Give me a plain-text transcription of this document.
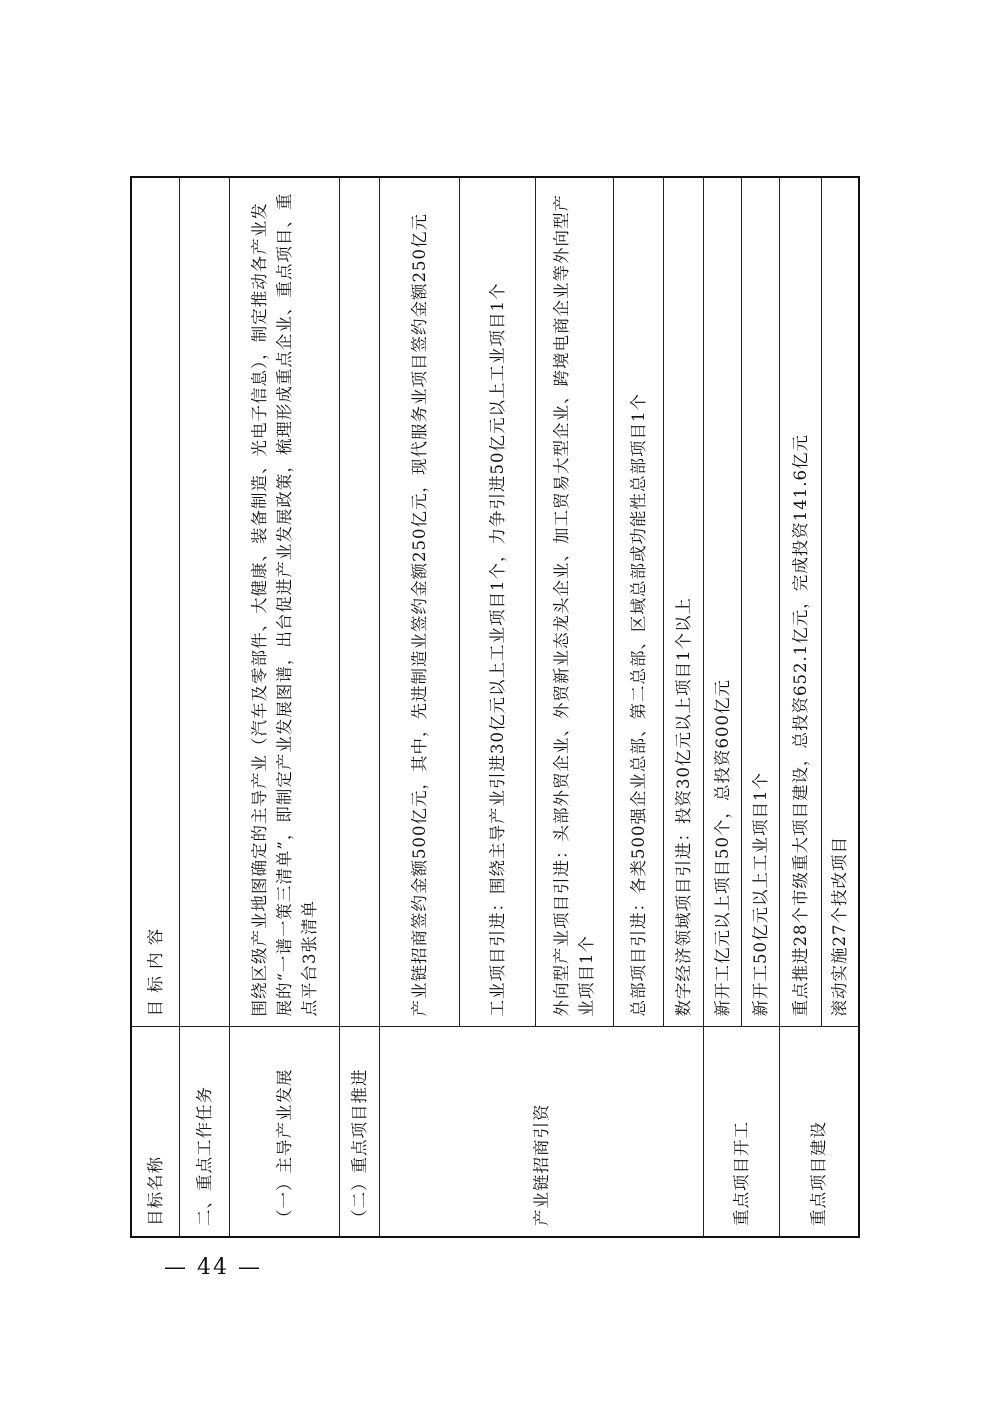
目标名称	目 标 内 容
二、重点工作任务	
（一）主导产业发展	围绕区级产业地图确定的主导产业（汽车及零部件、大健康、装备制造、光电子信息），制定推动各产业发展的“一谱一策三清单”，即制定产业发展图谱，出台促进产业发展政策，梳理形成重点企业、重点项目、重点平台3张清单
（二）重点项目推进	
产业链招商引资	产业链招商签约金额500亿元，其中，先进制造业签约金额250亿元，现代服务业项目签约金额250亿元
	工业项目引进：围绕主导产业引进30亿元以上工业项目1个，力争引进50亿元以上工业项目1个
	外向型产业项目引进：头部外贸企业、外贸新业态龙头企业、加工贸易大型企业、跨境电商企业等外向型产业项目1个
	总部项目引进：各类500强企业总部、第二总部、区域总部或功能性总部项目1个
	数字经济领域项目引进：投资30亿元以上项目1个以上
重点项目开工	新开工亿元以上项目50个，总投资600亿元
	新开工50亿元以上工业项目1个
重点项目建设	重点推进28个市级重大项目建设，总投资652.1亿元，完成投资141.6亿元
	滚动实施27个技改项目
— 44 —
